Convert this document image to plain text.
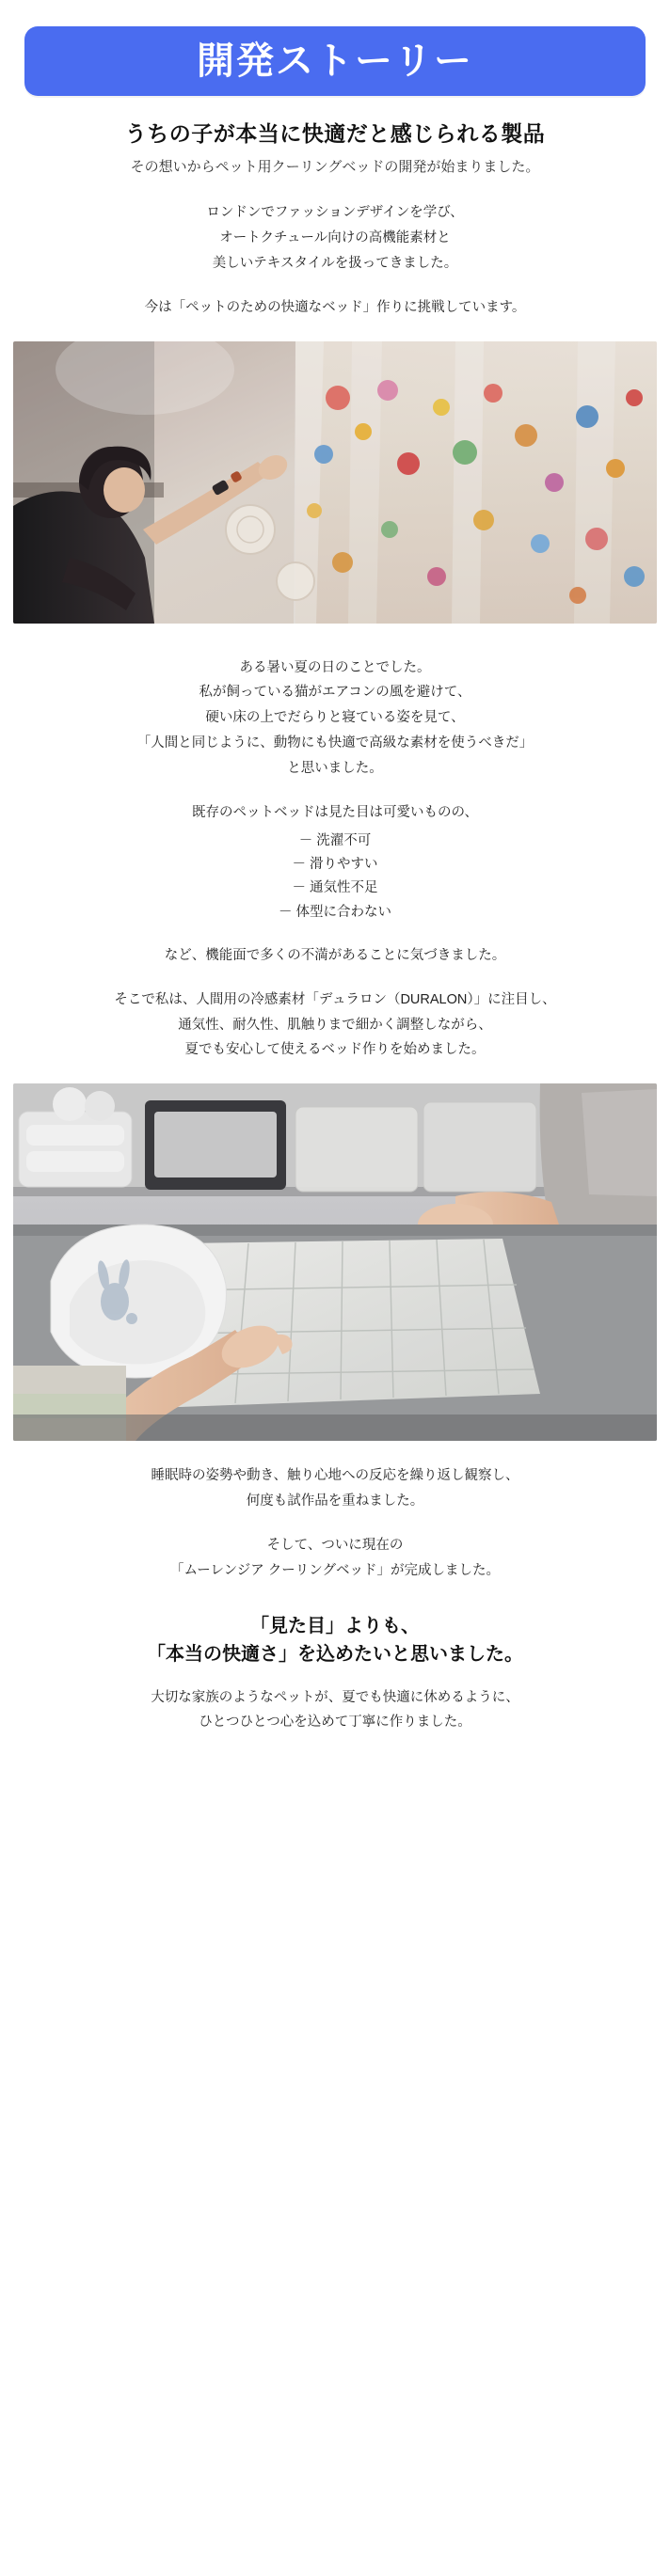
開発ストーリー
うちの子が本当に快適だと感じられる製品
その想いからペット用クーリングベッドの開発が始まりました。
ロンドンでファッションデザインを学び、
オートクチュール向けの高機能素材と
美しいテキスタイルを扱ってきました。
今は「ペットのための快適なベッド」作りに挑戦しています。
ある暑い夏の日のことでした。
私が飼っている猫がエアコンの風を避けて、
硬い床の上でだらりと寝ている姿を見て、
「人間と同じように、動物にも快適で高級な素材を使うべきだ」
と思いました。
既存のペットベッドは見た目は可愛いものの、
－ 洗濯不可
－ 滑りやすい
－ 通気性不足
－ 体型に合わない
など、機能面で多くの不満があることに気づきました。
そこで私は、人間用の冷感素材「デュラロン（DURALON）」に注目し、
通気性、耐久性、肌触りまで細かく調整しながら、
夏でも安心して使えるベッド作りを始めました。
睡眠時の姿勢や動き、触り心地への反応を繰り返し観察し、
何度も試作品を重ねました。
そして、ついに現在の
「ムーレンジア クーリングベッド」が完成しました。
「見た目」よりも、
「本当の快適さ」を込めたいと思いました。
大切な家族のようなペットが、夏でも快適に休めるように、
ひとつひとつ心を込めて丁寧に作りました。
